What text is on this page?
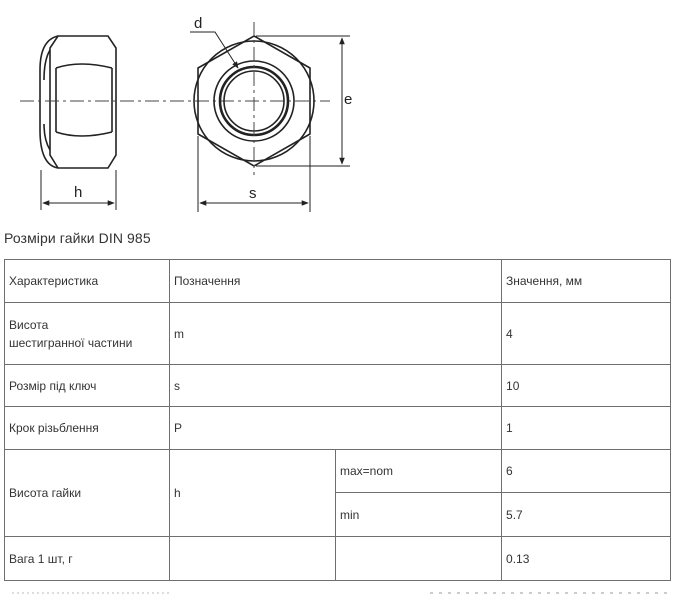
h
d
e
s
Розміри гайки DIN 985
Характеристика	Позначення		Значення, мм
Висота
шестигранної частини	m		4
Розмір під ключ	s		10
Крок різьблення	P		1
Висота гайки	h	max=nom	6
		min	5.7
Вага 1 шт, г			0.13
